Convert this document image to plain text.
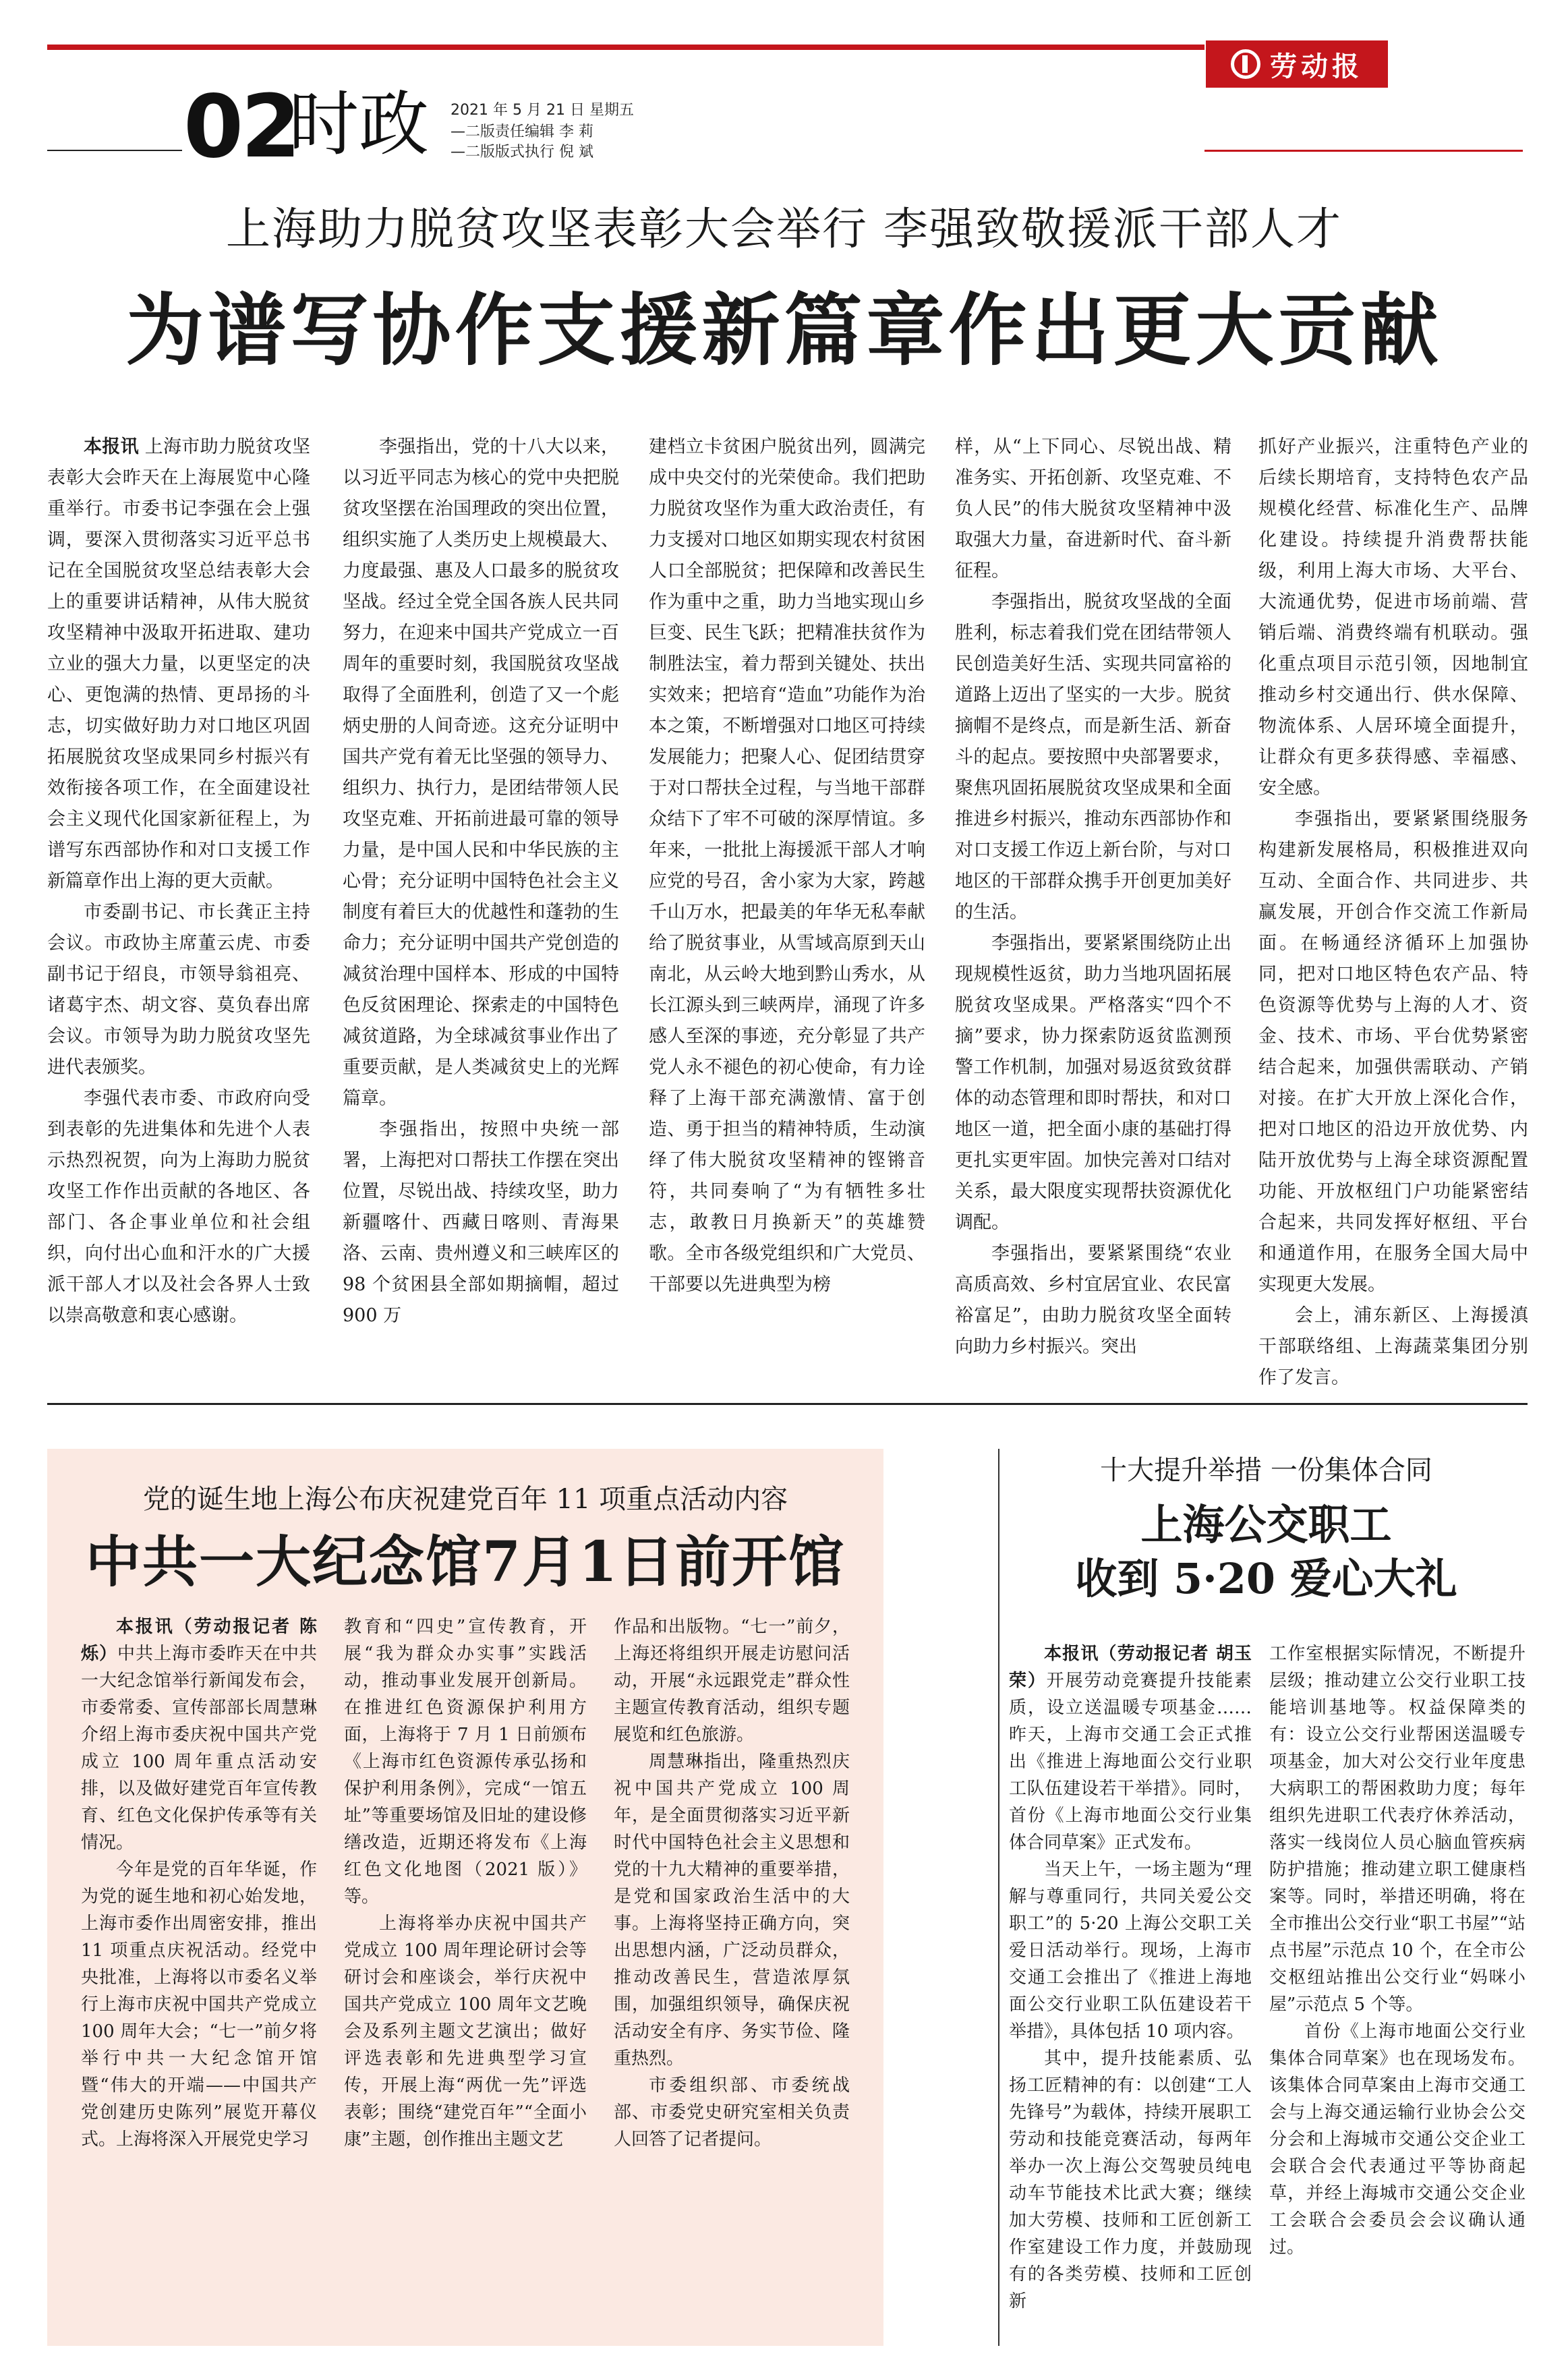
劳动报
02
时政 2021 年 5 月 21 日 星期五
—二版责任编辑 李 莉
—二版版式执行 倪 斌
上海助力脱贫攻坚表彰大会举行 李强致敬援派干部人才
为谱写协作支援新篇章作出更大贡献

本报讯 上海市助力脱贫攻坚表彰大会昨天在上海展览中心隆重举行。市委书记李强在会上强调，要深入贯彻落实习近平总书记在全国脱贫攻坚总结表彰大会上的重要讲话精神，从伟大脱贫攻坚精神中汲取开拓进取、建功立业的强大力量，以更坚定的决心、更饱满的热情、更昂扬的斗志，切实做好助力对口地区巩固拓展脱贫攻坚成果同乡村振兴有效衔接各项工作，在全面建设社会主义现代化国家新征程上，为谱写东西部协作和对口支援工作新篇章作出上海的更大贡献。

市委副书记、市长龚正主持会议。市政协主席董云虎、市委副书记于绍良，市领导翁祖亮、诸葛宇杰、胡文容、莫负春出席会议。市领导为助力脱贫攻坚先进代表颁奖。

李强代表市委、市政府向受到表彰的先进集体和先进个人表示热烈祝贺，向为上海助力脱贫攻坚工作作出贡献的各地区、各部门、各企事业单位和社会组织，向付出心血和汗水的广大援派干部人才以及社会各界人士致以崇高敬意和衷心感谢。

李强指出，党的十八大以来，以习近平同志为核心的党中央把脱贫攻坚摆在治国理政的突出位置，组织实施了人类历史上规模最大、力度最强、惠及人口最多的脱贫攻坚战。经过全党全国各族人民共同努力，在迎来中国共产党成立一百周年的重要时刻，我国脱贫攻坚战取得了全面胜利，创造了又一个彪炳史册的人间奇迹。这充分证明中国共产党有着无比坚强的领导力、组织力、执行力，是团结带领人民攻坚克难、开拓前进最可靠的领导力量，是中国人民和中华民族的主心骨；充分证明中国特色社会主义制度有着巨大的优越性和蓬勃的生命力；充分证明中国共产党创造的减贫治理中国样本、形成的中国特色反贫困理论、探索走的中国特色减贫道路，为全球减贫事业作出了重要贡献，是人类减贫史上的光辉篇章。

李强指出，按照中央统一部署，上海把对口帮扶工作摆在突出位置，尽锐出战、持续攻坚，助力新疆喀什、西藏日喀则、青海果洛、云南、贵州遵义和三峡库区的 98 个贫困县全部如期摘帽，超过 900 万

建档立卡贫困户脱贫出列，圆满完成中央交付的光荣使命。我们把助力脱贫攻坚作为重大政治责任，有力支援对口地区如期实现农村贫困人口全部脱贫；把保障和改善民生作为重中之重，助力当地实现山乡巨变、民生飞跃；把精准扶贫作为制胜法宝，着力帮到关键处、扶出实效来；把培育“造血”功能作为治本之策，不断增强对口地区可持续发展能力；把聚人心、促团结贯穿于对口帮扶全过程，与当地干部群众结下了牢不可破的深厚情谊。多年来，一批批上海援派干部人才响应党的号召，舍小家为大家，跨越千山万水，把最美的年华无私奉献给了脱贫事业，从雪域高原到天山南北，从云岭大地到黔山秀水，从长江源头到三峡两岸，涌现了许多感人至深的事迹，充分彰显了共产党人永不褪色的初心使命，有力诠释了上海干部充满激情、富于创造、勇于担当的精神特质，生动演绎了伟大脱贫攻坚精神的铿锵音符，共同奏响了“为有牺牲多壮志，敢教日月换新天”的英雄赞歌。全市各级党组织和广大党员、干部要以先进典型为榜

样，从“上下同心、尽锐出战、精准务实、开拓创新、攻坚克难、不负人民”的伟大脱贫攻坚精神中汲取强大力量，奋进新时代、奋斗新征程。

李强指出，脱贫攻坚战的全面胜利，标志着我们党在团结带领人民创造美好生活、实现共同富裕的道路上迈出了坚实的一大步。脱贫摘帽不是终点，而是新生活、新奋斗的起点。要按照中央部署要求，聚焦巩固拓展脱贫攻坚成果和全面推进乡村振兴，推动东西部协作和对口支援工作迈上新台阶，与对口地区的干部群众携手开创更加美好的生活。

李强指出，要紧紧围绕防止出现规模性返贫，助力当地巩固拓展脱贫攻坚成果。严格落实“四个不摘”要求，协力探索防返贫监测预警工作机制，加强对易返贫致贫群体的动态管理和即时帮扶，和对口地区一道，把全面小康的基础打得更扎实更牢固。加快完善对口结对关系，最大限度实现帮扶资源优化调配。

李强指出，要紧紧围绕“农业高质高效、乡村宜居宜业、农民富裕富足”，由助力脱贫攻坚全面转向助力乡村振兴。突出

抓好产业振兴，注重特色产业的后续长期培育，支持特色农产品规模化经营、标准化生产、品牌化建设。持续提升消费帮扶能级，利用上海大市场、大平台、大流通优势，促进市场前端、营销后端、消费终端有机联动。强化重点项目示范引领，因地制宜推动乡村交通出行、供水保障、物流体系、人居环境全面提升，让群众有更多获得感、幸福感、安全感。

李强指出，要紧紧围绕服务构建新发展格局，积极推进双向互动、全面合作、共同进步、共赢发展，开创合作交流工作新局面。在畅通经济循环上加强协同，把对口地区特色农产品、特色资源等优势与上海的人才、资金、技术、市场、平台优势紧密结合起来，加强供需联动、产销对接。在扩大开放上深化合作，把对口地区的沿边开放优势、内陆开放优势与上海全球资源配置功能、开放枢纽门户功能紧密结合起来，共同发挥好枢纽、平台和通道作用，在服务全国大局中实现更大发展。

会上，浦东新区、上海援滇干部联络组、上海蔬菜集团分别作了发言。

党的诞生地上海公布庆祝建党百年 11 项重点活动内容
中共一大纪念馆7月1日前开馆

本报讯（劳动报记者 陈烁）中共上海市委昨天在中共一大纪念馆举行新闻发布会，市委常委、宣传部部长周慧琳介绍上海市委庆祝中国共产党成立 100 周年重点活动安排，以及做好建党百年宣传教育、红色文化保护传承等有关情况。

今年是党的百年华诞，作为党的诞生地和初心始发地，上海市委作出周密安排，推出 11 项重点庆祝活动。经党中央批准，上海将以市委名义举行上海市庆祝中国共产党成立 100 周年大会；“七一”前夕将举行中共一大纪念馆开馆暨“伟大的开端——中国共产党创建历史陈列”展览开幕仪式。上海将深入开展党史学习

教育和“四史”宣传教育，开展“我为群众办实事”实践活动，推动事业发展开创新局。在推进红色资源保护利用方面，上海将于 7 月 1 日前颁布《上海市红色资源传承弘扬和保护利用条例》，完成“一馆五址”等重要场馆及旧址的建设修缮改造，近期还将发布《上海红色文化地图（2021 版）》等。

上海将举办庆祝中国共产党成立 100 周年理论研讨会等研讨会和座谈会，举行庆祝中国共产党成立 100 周年文艺晚会及系列主题文艺演出；做好评选表彰和先进典型学习宣传，开展上海“两优一先”评选表彰；围绕“建党百年”“全面小康”主题，创作推出主题文艺

作品和出版物。“七一”前夕，上海还将组织开展走访慰问活动，开展“永远跟党走”群众性主题宣传教育活动，组织专题展览和红色旅游。

周慧琳指出，隆重热烈庆祝中国共产党成立 100 周年，是全面贯彻落实习近平新时代中国特色社会主义思想和党的十九大精神的重要举措，是党和国家政治生活中的大事。上海将坚持正确方向，突出思想内涵，广泛动员群众，推动改善民生，营造浓厚氛围，加强组织领导，确保庆祝活动安全有序、务实节俭、隆重热烈。

市委组织部、市委统战部、市委党史研究室相关负责人回答了记者提问。

十大提升举措 一份集体合同
上海公交职工
收到 5·20 爱心大礼

本报讯（劳动报记者 胡玉荣）开展劳动竞赛提升技能素质，设立送温暖专项基金……昨天，上海市交通工会正式推出《推进上海地面公交行业职工队伍建设若干举措》。同时，首份《上海市地面公交行业集体合同草案》正式发布。

当天上午，一场主题为“理解与尊重同行，共同关爱公交职工”的 5·20 上海公交职工关爱日活动举行。现场，上海市交通工会推出了《推进上海地面公交行业职工队伍建设若干举措》，具体包括 10 项内容。

其中，提升技能素质、弘扬工匠精神的有：以创建“工人先锋号”为载体，持续开展职工劳动和技能竞赛活动，每两年举办一次上海公交驾驶员纯电动车节能技术比武大赛；继续加大劳模、技师和工匠创新工作室建设工作力度，并鼓励现有的各类劳模、技师和工匠创新

工作室根据实际情况，不断提升层级；推动建立公交行业职工技能培训基地等。权益保障类的有：设立公交行业帮困送温暖专项基金，加大对公交行业年度患大病职工的帮困救助力度；每年组织先进职工代表疗休养活动，落实一线岗位人员心脑血管疾病防护措施；推动建立职工健康档案等。同时，举措还明确，将在全市推出公交行业“职工书屋”“站点书屋”示范点 10 个，在全市公交枢纽站推出公交行业“妈咪小屋”示范点 5 个等。

首份《上海市地面公交行业集体合同草案》也在现场发布。该集体合同草案由上海市交通工会与上海交通运输行业协会公交分会和上海城市交通公交企业工会联合会代表通过平等协商起草，并经上海城市交通公交企业工会联合会委员会会议确认通过。
